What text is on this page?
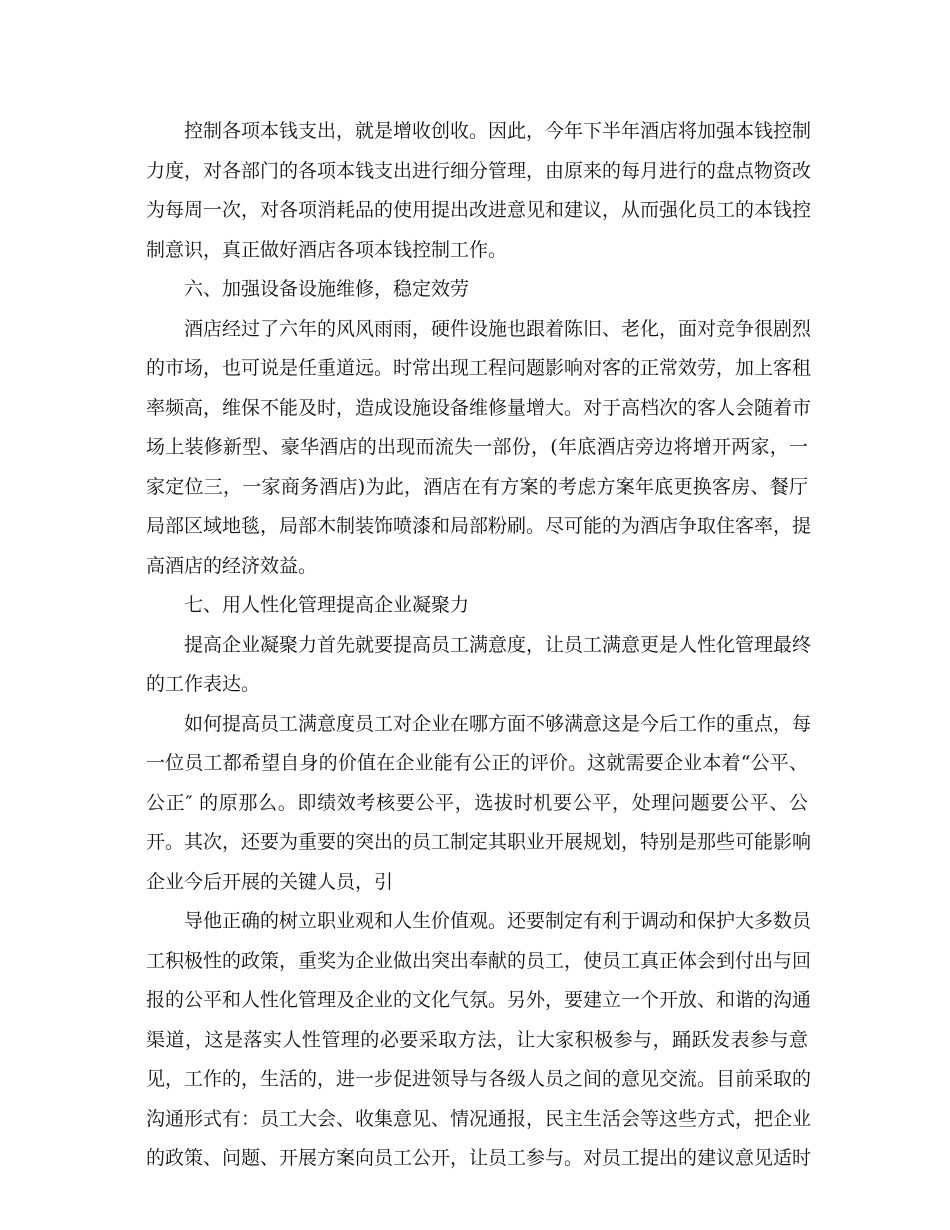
控制各项本钱支出，就是增收创收。因此，今年下半年酒店将加强本钱控制
力度，对各部门的各项本钱支出进行细分管理，由原来的每月进行的盘点物资改
为每周一次，对各项消耗品的使用提出改进意见和建议，从而强化员工的本钱控
制意识，真正做好酒店各项本钱控制工作。
六、加强设备设施维修，稳定效劳
酒店经过了六年的风风雨雨，硬件设施也跟着陈旧、老化，面对竞争很剧烈
的市场，也可说是任重道远。时常出现工程问题影响对客的正常效劳，加上客租
率频高，维保不能及时，造成设施设备维修量增大。对于高档次的客人会随着市
场上装修新型、豪华酒店的出现而流失一部份，(年底酒店旁边将增开两家，一
家定位三，一家商务酒店)为此，酒店在有方案的考虑方案年底更换客房、餐厅
局部区域地毯，局部木制装饰喷漆和局部粉刷。尽可能的为酒店争取住客率，提
高酒店的经济效益。
七、用人性化管理提高企业凝聚力
提高企业凝聚力首先就要提高员工满意度，让员工满意更是人性化管理最终
的工作表达。
如何提高员工满意度员工对企业在哪方面不够满意这是今后工作的重点，每
一位员工都希望自身的价值在企业能有公正的评价。这就需要企业本着“公平、
公正″ 的原那么。即绩效考核要公平，选拔时机要公平，处理问题要公平、公
开。其次，还要为重要的突出的员工制定其职业开展规划，特别是那些可能影响
企业今后开展的关键人员，引
导他正确的树立职业观和人生价值观。还要制定有利于调动和保护大多数员
工积极性的政策，重奖为企业做出突出奉献的员工，使员工真正体会到付出与回
报的公平和人性化管理及企业的文化气氛。另外，要建立一个开放、和谐的沟通
渠道，这是落实人性管理的必要采取方法，让大家积极参与，踊跃发表参与意
见，工作的，生活的，进一步促进领导与各级人员之间的意见交流。目前采取的
沟通形式有：员工大会、收集意见、情况通报，民主生活会等这些方式，把企业
的政策、问题、开展方案向员工公开，让员工参与。对员工提出的建议意见适时
